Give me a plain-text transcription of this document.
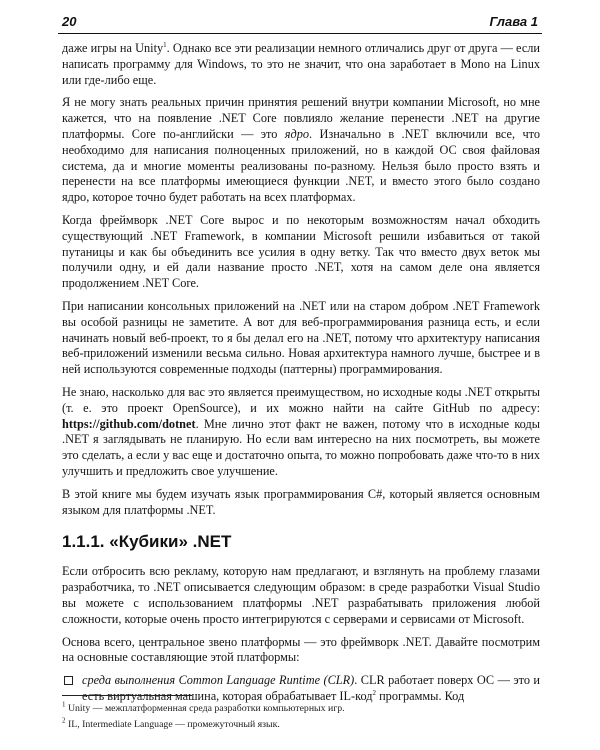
20	Глава 1

даже игры на Unity$^1$. Однако все эти реализации немного отличались друг от друга — если написать программу для Windows, то это не значит, что она заработает в Mono на Linux или где-либо еще.

Я не могу знать реальных причин принятия решений внутри компании Microsoft, но мне кажется, что на появление .NET Core повлияло желание перенести .NET на другие платформы. Core по-английски — это ядро. Изначально в .NET включили все, что необходимо для написания полноценных приложений, но в каждой ОС своя файловая система, да и многие моменты реализованы по-разному. Нельзя было просто взять и перенести на все платформы имеющиеся функции .NET, и вместо этого было создано ядро, которое точно будет работать на всех платформах.

Когда фреймворк .NET Core вырос и по некоторым возможностям начал обходить существующий .NET Framework, в компании Microsoft решили избавиться от такой путаницы и как бы объединить все усилия в одну ветку. Так что вместо двух веток мы получили одну, и ей дали название просто .NET, хотя на самом деле она является продолжением .NET Core.

При написании консольных приложений на .NET или на старом добром .NET Framework вы особой разницы не заметите. А вот для веб-программирования разница есть, и если начинать новый веб-проект, то я бы делал его на .NET, потому что архитектуру написания веб-приложений изменили весьма сильно. Новая архитектура намного лучше, быстрее и в ней используются современные подходы (паттерны) программирования.

Не знаю, насколько для вас это является преимуществом, но исходные коды .NET открыты (т. е. это проект OpenSource), и их можно найти на сайте GitHub по адресу: https://github.com/dotnet. Мне лично этот факт не важен, потому что в исходные коды .NET я заглядывать не планирую. Но если вам интересно на них посмотреть, вы можете это сделать, а если у вас еще и достаточно опыта, то можно попробовать даже что-то в них улучшить и предложить свое улучшение.

В этой книге мы будем изучать язык программирования C#, который является основным языком для платформы .NET.

1.1.1. «Кубики» .NET

Если отбросить всю рекламу, которую нам предлагают, и взглянуть на проблему глазами разработчика, то .NET описывается следующим образом: в среде разработки Visual Studio вы можете с использованием платформы .NET разрабатывать приложения любой сложности, которые очень просто интегрируются с серверами и сервисами от Microsoft.

Основа всего, центральное звено платформы — это фреймворк .NET. Давайте посмотрим на основные составляющие этой платформы:

среда выполнения Common Language Runtime (CLR). CLR работает поверх ОС — это и есть виртуальная машина, которая обрабатывает IL-код$^2$ программы. Код

$^1$ Unity — межплатформенная среда разработки компьютерных игр.
$^2$ IL, Intermediate Language — промежуточный язык.
